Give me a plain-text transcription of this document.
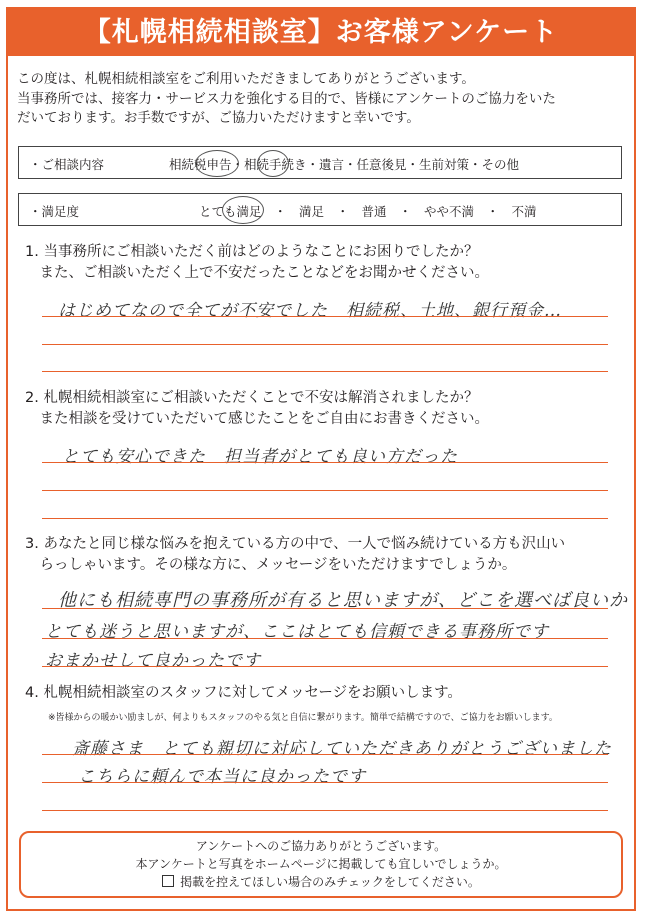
【札幌相続相談室】お客様アンケート
この度は、札幌相続相談室をご利用いただきましてありがとうございます。
当事務所では、接客力・サービス力を強化する目的で、皆様にアンケートのご協力をいた
だいております。お手数ですが、ご協力いただけますと幸いです。
・ご相談内容	相続税申告・相続手続き・遺言・任意後見・生前対策・その他
・満足度	とても満足　・　満足　・　普通　・　やや不満　・　不満
1. 当事務所にご相談いただく前はどのようなことにお困りでしたか？
　また、ご相談いただく上で不安だったことなどをお聞かせください。
はじめてなので全てが不安でした　相続税、土地、銀行預金…
2. 札幌相続相談室にご相談いただくことで不安は解消されましたか？
　また相談を受けていただいて感じたことをご自由にお書きください。
とても安心できた　担当者がとても良い方だった
3. あなたと同じ様な悩みを抱えている方の中で、一人で悩み続けている方も沢山い
　らっしゃいます。その様な方に、メッセージをいただけますでしょうか。
他にも相続専門の事務所が有ると思いますが、どこを選べば良いか
とても迷うと思いますが、ここはとても信頼できる事務所です
おまかせして良かったです
4. 札幌相続相談室のスタッフに対してメッセージをお願いします。
※皆様からの暖かい励ましが、何よりもスタッフのやる気と自信に繋がります。簡単で結構ですので、ご協力をお願いします。
斎藤さま　とても親切に対応していただきありがとうございました
こちらに頼んで本当に良かったです
アンケートへのご協力ありがとうございます。
本アンケートと写真をホームページに掲載しても宜しいでしょうか。
掲載を控えてほしい場合のみチェックをしてください。
